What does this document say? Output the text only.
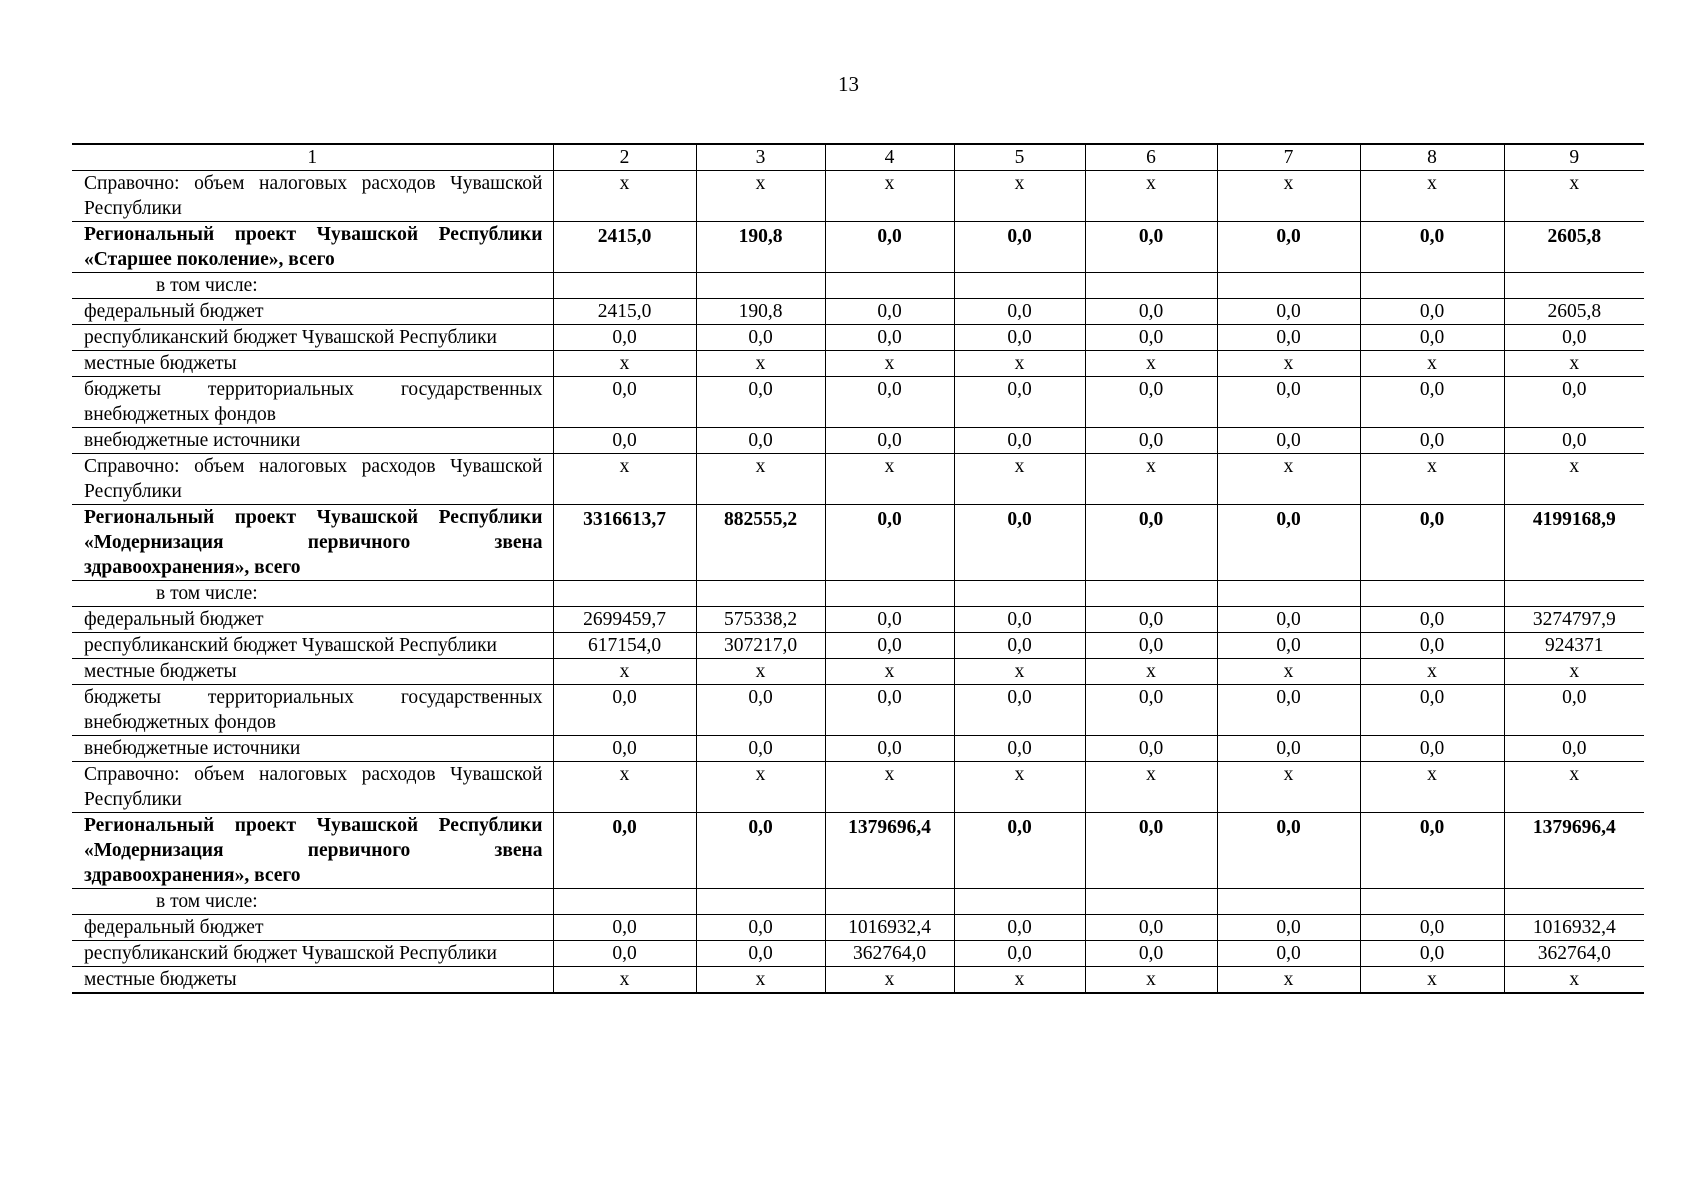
13
1	2	3	4	5	6	7	8	9
Справочно: объем налоговых расходов Чувашской Республики	х	х	х	х	х	х	х	х
Региональный проект Чувашской Республики «Старшее поколение», всего	2415,0	190,8	0,0	0,0	0,0	0,0	0,0	2605,8
в том числе:								
федеральный бюджет	2415,0	190,8	0,0	0,0	0,0	0,0	0,0	2605,8
республиканский бюджет Чувашской Республики	0,0	0,0	0,0	0,0	0,0	0,0	0,0	0,0
местные бюджеты	х	х	х	х	х	х	х	х
бюджеты территориальных государственных внебюджетных фондов	0,0	0,0	0,0	0,0	0,0	0,0	0,0	0,0
внебюджетные источники	0,0	0,0	0,0	0,0	0,0	0,0	0,0	0,0
Справочно: объем налоговых расходов Чувашской Республики	х	х	х	х	х	х	х	х
Региональный проект Чувашской Республики «Модернизация первичного звена здравоохранения», всего	3316613,7	882555,2	0,0	0,0	0,0	0,0	0,0	4199168,9
в том числе:								
федеральный бюджет	2699459,7	575338,2	0,0	0,0	0,0	0,0	0,0	3274797,9
республиканский бюджет Чувашской Республики	617154,0	307217,0	0,0	0,0	0,0	0,0	0,0	924371
местные бюджеты	х	х	х	х	х	х	х	х
бюджеты территориальных государственных внебюджетных фондов	0,0	0,0	0,0	0,0	0,0	0,0	0,0	0,0
внебюджетные источники	0,0	0,0	0,0	0,0	0,0	0,0	0,0	0,0
Справочно: объем налоговых расходов Чувашской Республики	х	х	х	х	х	х	х	х
Региональный проект Чувашской Республики «Модернизация первичного звена здравоохранения», всего	0,0	0,0	1379696,4	0,0	0,0	0,0	0,0	1379696,4
в том числе:								
федеральный бюджет	0,0	0,0	1016932,4	0,0	0,0	0,0	0,0	1016932,4
республиканский бюджет Чувашской Республики	0,0	0,0	362764,0	0,0	0,0	0,0	0,0	362764,0
местные бюджеты	х	х	х	х	х	х	х	х
